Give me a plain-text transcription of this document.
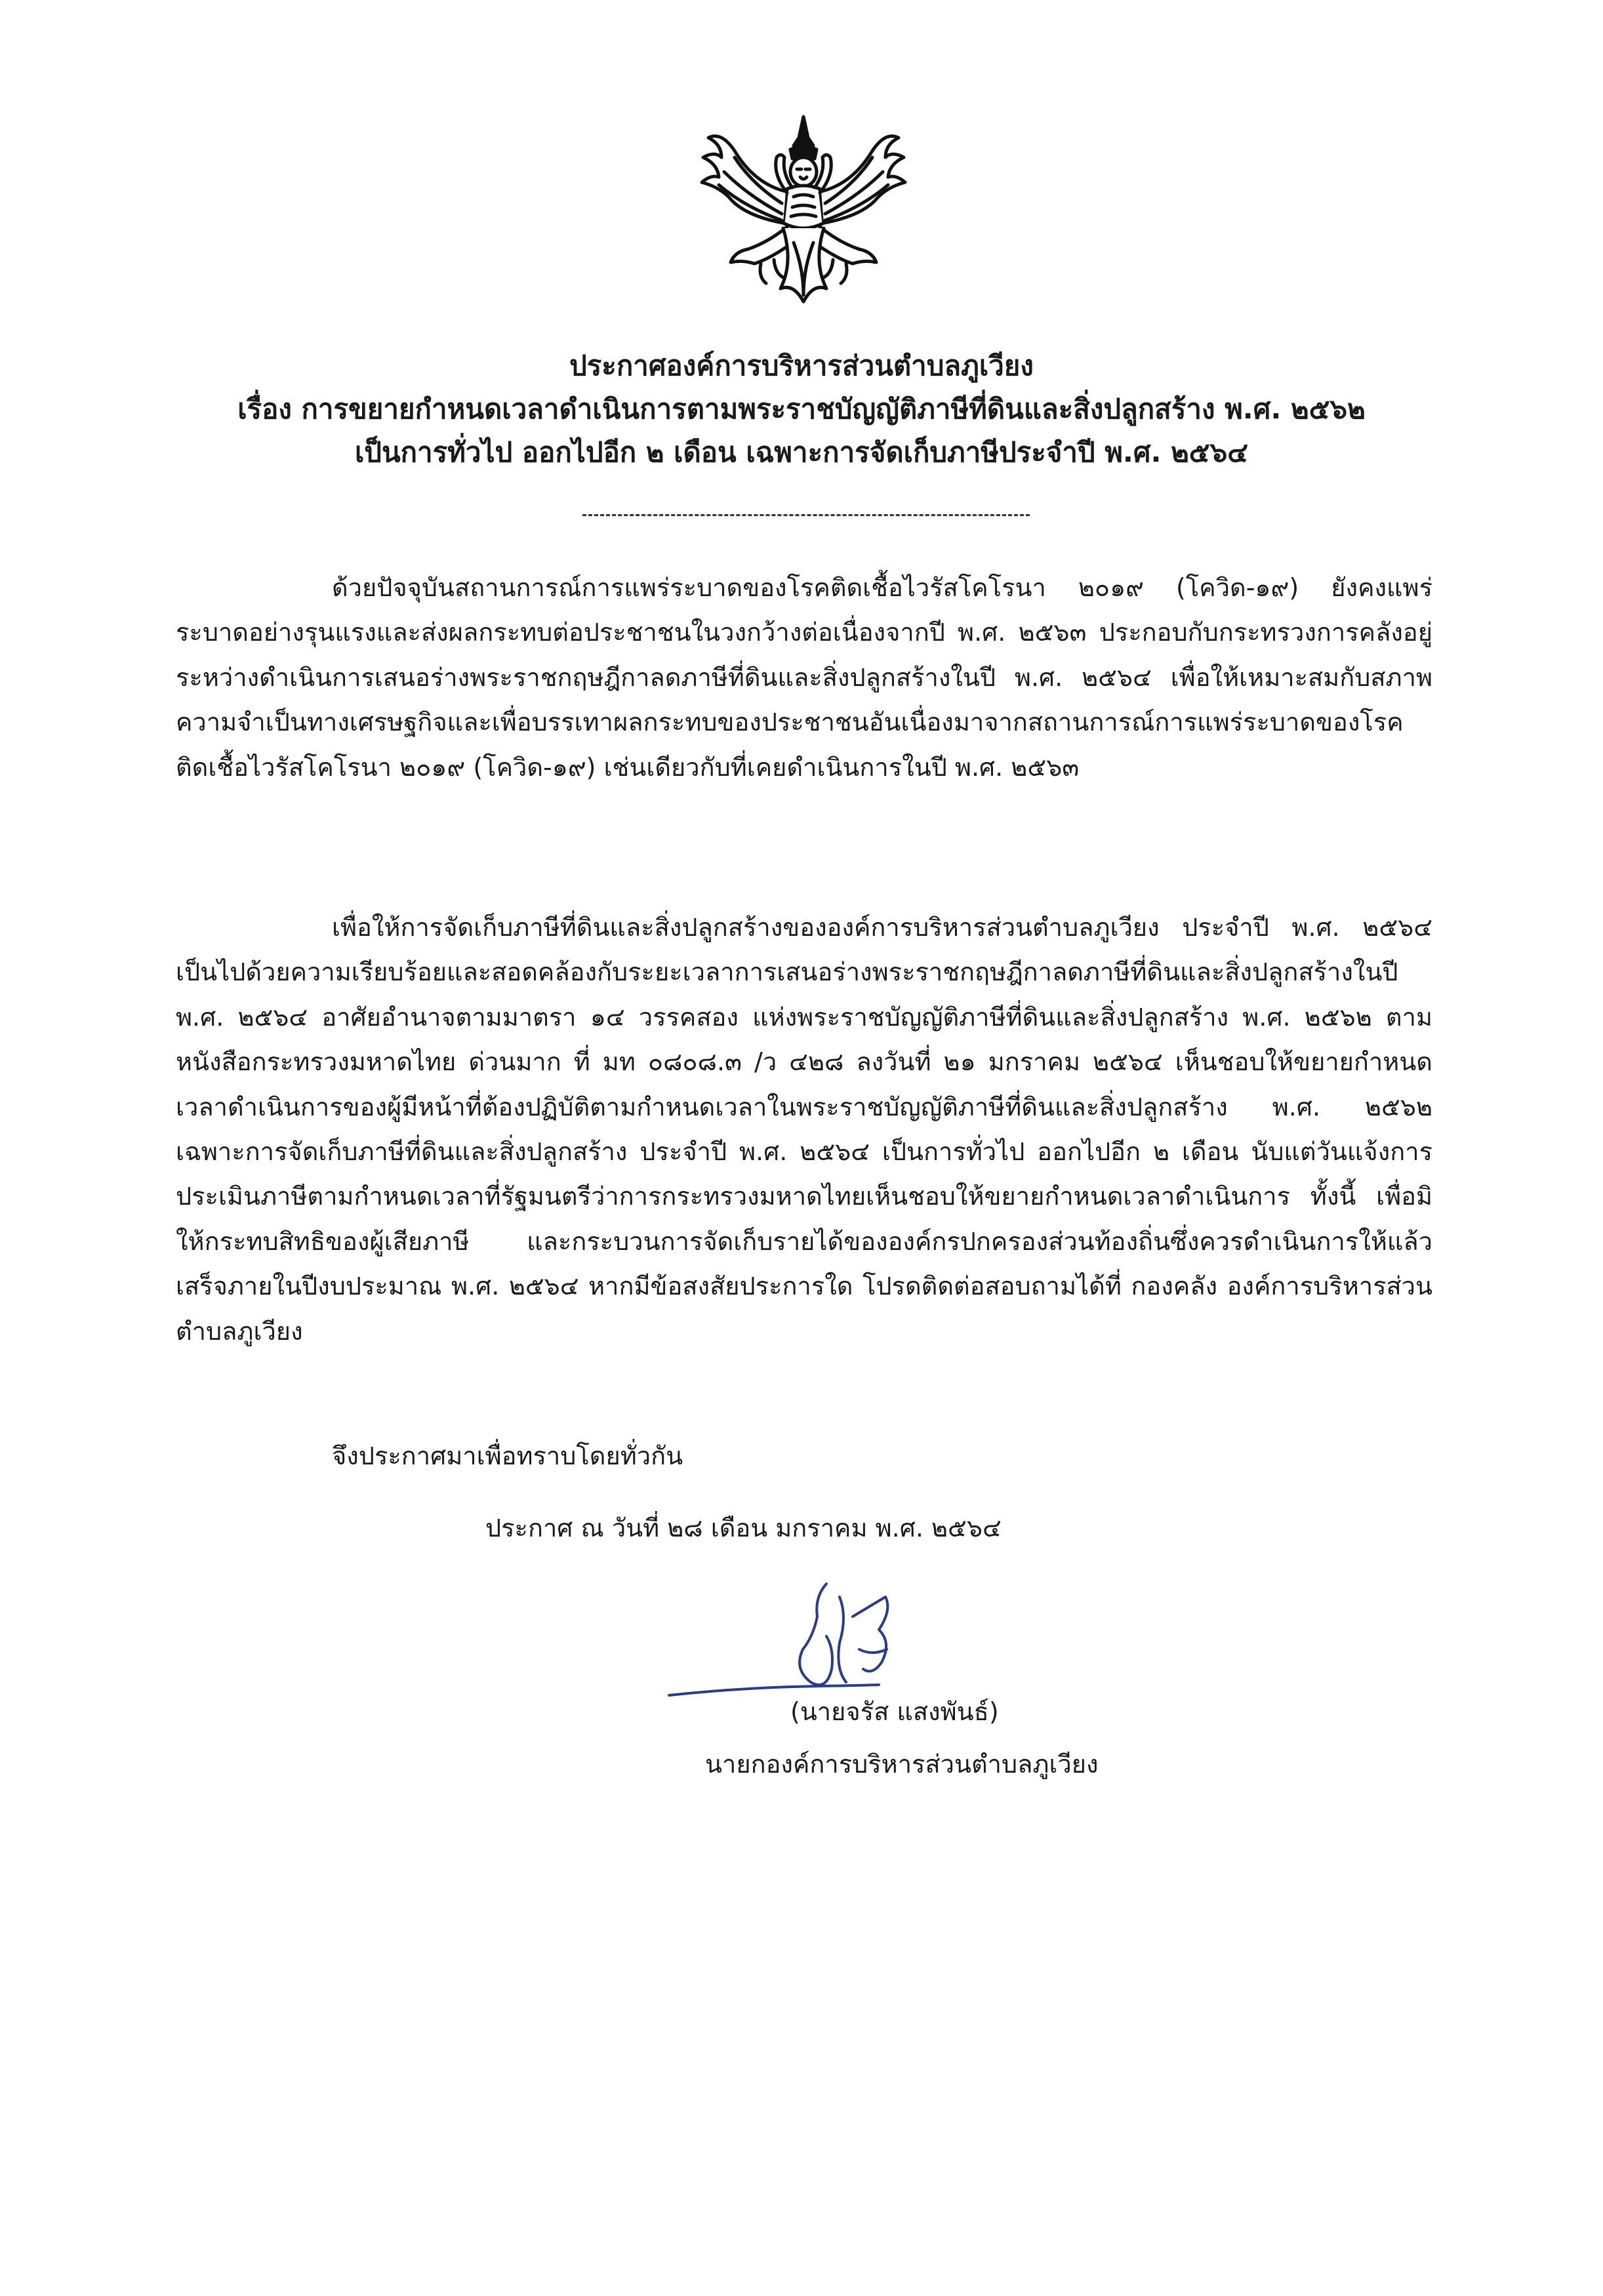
ประกาศองค์การบริหารส่วนตำบลภูเวียง
เรื่อง การขยายกำหนดเวลาดำเนินการตามพระราชบัญญัติภาษีที่ดินและสิ่งปลูกสร้าง พ.ศ. ๒๕๖๒
เป็นการทั่วไป ออกไปอีก ๒ เดือน เฉพาะการจัดเก็บภาษีประจำปี พ.ศ. ๒๕๖๔

ด้วยปัจจุบันสถานการณ์การแพร่ระบาดของโรคติดเชื้อไวรัสโคโรนา ๒๐๑๙ (โควิด-๑๙) ยังคงแพร่ระบาดอย่างรุนแรงและส่งผลกระทบต่อประชาชนในวงกว้างต่อเนื่องจากปี พ.ศ. ๒๕๖๓ ประกอบกับกระทรวงการคลังอยู่ระหว่างดำเนินการเสนอร่างพระราชกฤษฎีกาลดภาษีที่ดินและสิ่งปลูกสร้างในปี พ.ศ. ๒๕๖๔ เพื่อให้เหมาะสมกับสภาพความจำเป็นทางเศรษฐกิจและเพื่อบรรเทาผลกระทบของประชาชนอันเนื่องมาจากสถานการณ์การแพร่ระบาดของโรคติดเชื้อไวรัสโคโรนา ๒๐๑๙ (โควิด-๑๙) เช่นเดียวกับที่เคยดำเนินการในปี พ.ศ. ๒๕๖๓

เพื่อให้การจัดเก็บภาษีที่ดินและสิ่งปลูกสร้างขององค์การบริหารส่วนตำบลภูเวียง ประจำปี พ.ศ. ๒๕๖๔ เป็นไปด้วยความเรียบร้อยและสอดคล้องกับระยะเวลาการเสนอร่างพระราชกฤษฎีกาลดภาษีที่ดินและสิ่งปลูกสร้างในปี พ.ศ. ๒๕๖๔ อาศัยอำนาจตามมาตรา ๑๔ วรรคสอง แห่งพระราชบัญญัติภาษีที่ดินและสิ่งปลูกสร้าง พ.ศ. ๒๕๖๒ ตามหนังสือกระทรวงมหาดไทย ด่วนมาก ที่ มท ๐๘๐๘.๓ /ว ๔๒๘ ลงวันที่ ๒๑ มกราคม ๒๕๖๔ เห็นชอบให้ขยายกำหนดเวลาดำเนินการของผู้มีหน้าที่ต้องปฏิบัติตามกำหนดเวลาในพระราชบัญญัติภาษีที่ดินและสิ่งปลูกสร้าง พ.ศ. ๒๕๖๒ เฉพาะการจัดเก็บภาษีที่ดินและสิ่งปลูกสร้าง ประจำปี พ.ศ. ๒๕๖๔ เป็นการทั่วไป ออกไปอีก ๒ เดือน นับแต่วันแจ้งการประเมินภาษีตามกำหนดเวลาที่รัฐมนตรีว่าการกระทรวงมหาดไทยเห็นชอบให้ขยายกำหนดเวลาดำเนินการ ทั้งนี้ เพื่อมิให้กระทบสิทธิของผู้เสียภาษี และกระบวนการจัดเก็บรายได้ขององค์กรปกครองส่วนท้องถิ่นซึ่งควรดำเนินการให้แล้วเสร็จภายในปีงบประมาณ พ.ศ. ๒๕๖๔ หากมีข้อสงสัยประการใด โปรดติดต่อสอบถามได้ที่ กองคลัง องค์การบริหารส่วนตำบลภูเวียง

จึงประกาศมาเพื่อทราบโดยทั่วกัน
ประกาศ ณ วันที่ ๒๘ เดือน มกราคม พ.ศ. ๒๕๖๔
(นายจรัส แสงพันธ์)
นายกองค์การบริหารส่วนตำบลภูเวียง
